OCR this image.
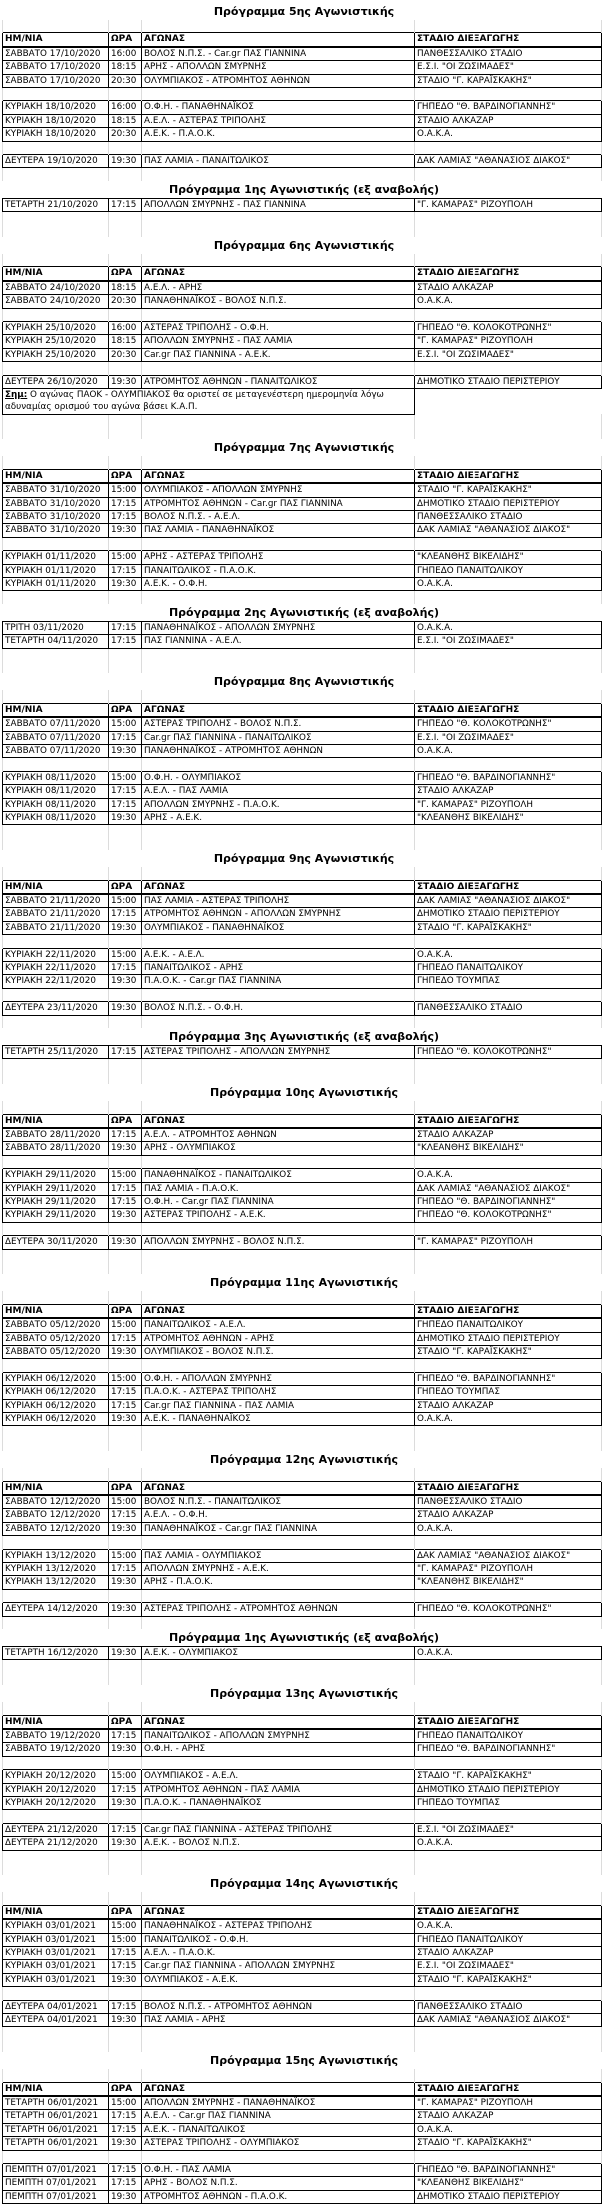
Πρόγραμμα 5ης Αγωνιστικής

ΗΜ/ΝΙΑ	ΩΡΑ	ΑΓΩΝΑΣ	ΣΤΑΔΙΟ ΔΙΕΞΑΓΩΓΗΣ
ΣΑΒΒΑΤΟ 17/10/2020	16:00	ΒΟΛΟΣ Ν.Π.Σ. - Car.gr ΠΑΣ ΓΙΑΝΝΙΝΑ	ΠΑΝΘΕΣΣΑΛΙΚΟ ΣΤΑΔΙΟ
ΣΑΒΒΑΤΟ 17/10/2020	18:15	ΑΡΗΣ - ΑΠΟΛΛΩΝ ΣΜΥΡΝΗΣ	Ε.Σ.Ι. "ΟΙ ΖΩΣΙΜΑΔΕΣ"
ΣΑΒΒΑΤΟ 17/10/2020	20:30	ΟΛΥΜΠΙΑΚΟΣ - ΑΤΡΟΜΗΤΟΣ ΑΘΗΝΩΝ	ΣΤΑΔΙΟ "Γ. ΚΑΡΑΪΣΚΑΚΗΣ"

ΚΥΡΙΑΚΗ 18/10/2020	16:00	Ο.Φ.Η. - ΠΑΝΑΘΗΝΑΪΚΟΣ	ΓΗΠΕΔΟ "Θ. ΒΑΡΔΙΝΟΓΙΑΝΝΗΣ"
ΚΥΡΙΑΚΗ 18/10/2020	18:15	Α.Ε.Λ. - ΑΣΤΕΡΑΣ ΤΡΙΠΟΛΗΣ	ΣΤΑΔΙΟ ΑΛΚΑΖΑΡ
ΚΥΡΙΑΚΗ 18/10/2020	20:30	Α.Ε.Κ. - Π.Α.Ο.Κ.	Ο.Α.Κ.Α.

ΔΕΥΤΕΡΑ 19/10/2020	19:30	ΠΑΣ ΛΑΜΙΑ - ΠΑΝΑΙΤΩΛΙΚΟΣ	ΔΑΚ ΛΑΜΙΑΣ "ΑΘΑΝΑΣΙΟΣ ΔΙΑΚΟΣ"

Πρόγραμμα 1ης Αγωνιστικής (εξ αναβολής)
ΤΕΤΑΡΤΗ 21/10/2020	17:15	ΑΠΟΛΛΩΝ ΣΜΥΡΝΗΣ - ΠΑΣ ΓΙΑΝΝΙΝΑ	"Γ. ΚΑΜΑΡΑΣ" ΡΙΖΟΥΠΟΛΗ

Πρόγραμμα 6ης Αγωνιστικής

ΗΜ/ΝΙΑ	ΩΡΑ	ΑΓΩΝΑΣ	ΣΤΑΔΙΟ ΔΙΕΞΑΓΩΓΗΣ
ΣΑΒΒΑΤΟ 24/10/2020	18:15	Α.Ε.Λ. - ΑΡΗΣ	ΣΤΑΔΙΟ ΑΛΚΑΖΑΡ
ΣΑΒΒΑΤΟ 24/10/2020	20:30	ΠΑΝΑΘΗΝΑΪΚΟΣ - ΒΟΛΟΣ Ν.Π.Σ.	Ο.Α.Κ.Α.

ΚΥΡΙΑΚΗ 25/10/2020	16:00	ΑΣΤΕΡΑΣ ΤΡΙΠΟΛΗΣ - Ο.Φ.Η.	ΓΗΠΕΔΟ "Θ. ΚΟΛΟΚΟΤΡΩΝΗΣ"
ΚΥΡΙΑΚΗ 25/10/2020	18:15	ΑΠΟΛΛΩΝ ΣΜΥΡΝΗΣ - ΠΑΣ ΛΑΜΙΑ	"Γ. ΚΑΜΑΡΑΣ" ΡΙΖΟΥΠΟΛΗ
ΚΥΡΙΑΚΗ 25/10/2020	20:30	Car.gr ΠΑΣ ΓΙΑΝΝΙΝΑ - Α.Ε.Κ.	Ε.Σ.Ι. "ΟΙ ΖΩΣΙΜΑΔΕΣ"

ΔΕΥΤΕΡΑ 26/10/2020	19:30	ΑΤΡΟΜΗΤΟΣ ΑΘΗΝΩΝ - ΠΑΝΑΙΤΩΛΙΚΟΣ	ΔΗΜΟΤΙΚΟ ΣΤΑΔΙΟ ΠΕΡΙΣΤΕΡΙΟΥ
Σημ: Ο αγώνας ΠΑΟΚ - ΟΛΥΜΠΙΑΚΟΣ θα οριστεί σε μεταγενέστερη ημερομηνία λόγω αδυναμίας ορισμού του αγώνα βάσει Κ.Α.Π.			

Πρόγραμμα 7ης Αγωνιστικής

ΗΜ/ΝΙΑ	ΩΡΑ	ΑΓΩΝΑΣ	ΣΤΑΔΙΟ ΔΙΕΞΑΓΩΓΗΣ
ΣΑΒΒΑΤΟ 31/10/2020	15:00	ΟΛΥΜΠΙΑΚΟΣ - ΑΠΟΛΛΩΝ ΣΜΥΡΝΗΣ	ΣΤΑΔΙΟ "Γ. ΚΑΡΑΪΣΚΑΚΗΣ"
ΣΑΒΒΑΤΟ 31/10/2020	17:15	ΑΤΡΟΜΗΤΟΣ ΑΘΗΝΩΝ - Car.gr ΠΑΣ ΓΙΑΝΝΙΝΑ	ΔΗΜΟΤΙΚΟ ΣΤΑΔΙΟ ΠΕΡΙΣΤΕΡΙΟΥ
ΣΑΒΒΑΤΟ 31/10/2020	17:15	ΒΟΛΟΣ Ν.Π.Σ. - Α.Ε.Λ.	ΠΑΝΘΕΣΣΑΛΙΚΟ ΣΤΑΔΙΟ
ΣΑΒΒΑΤΟ 31/10/2020	19:30	ΠΑΣ ΛΑΜΙΑ - ΠΑΝΑΘΗΝΑΪΚΟΣ	ΔΑΚ ΛΑΜΙΑΣ "ΑΘΑΝΑΣΙΟΣ ΔΙΑΚΟΣ"

ΚΥΡΙΑΚΗ 01/11/2020	15:00	ΑΡΗΣ - ΑΣΤΕΡΑΣ ΤΡΙΠΟΛΗΣ	"ΚΛΕΑΝΘΗΣ ΒΙΚΕΛΙΔΗΣ"
ΚΥΡΙΑΚΗ 01/11/2020	17:15	ΠΑΝΑΙΤΩΛΙΚΟΣ - Π.Α.Ο.Κ.	ΓΗΠΕΔΟ ΠΑΝΑΙΤΩΛΙΚΟΥ
ΚΥΡΙΑΚΗ 01/11/2020	19:30	Α.Ε.Κ. - Ο.Φ.Η.	Ο.Α.Κ.Α.

Πρόγραμμα 2ης Αγωνιστικής (εξ αναβολής)
ΤΡΙΤΗ 03/11/2020	17:15	ΠΑΝΑΘΗΝΑΪΚΟΣ - ΑΠΟΛΛΩΝ ΣΜΥΡΝΗΣ	Ο.Α.Κ.Α.
ΤΕΤΑΡΤΗ 04/11/2020	17:15	ΠΑΣ ΓΙΑΝΝΙΝΑ - Α.Ε.Λ.	Ε.Σ.Ι. "ΟΙ ΖΩΣΙΜΑΔΕΣ"

Πρόγραμμα 8ης Αγωνιστικής

ΗΜ/ΝΙΑ	ΩΡΑ	ΑΓΩΝΑΣ	ΣΤΑΔΙΟ ΔΙΕΞΑΓΩΓΗΣ
ΣΑΒΒΑΤΟ 07/11/2020	15:00	ΑΣΤΕΡΑΣ ΤΡΙΠΟΛΗΣ - ΒΟΛΟΣ Ν.Π.Σ.	ΓΗΠΕΔΟ "Θ. ΚΟΛΟΚΟΤΡΩΝΗΣ"
ΣΑΒΒΑΤΟ 07/11/2020	17:15	Car.gr ΠΑΣ ΓΙΑΝΝΙΝΑ - ΠΑΝΑΙΤΩΛΙΚΟΣ	Ε.Σ.Ι. "ΟΙ ΖΩΣΙΜΑΔΕΣ"
ΣΑΒΒΑΤΟ 07/11/2020	19:30	ΠΑΝΑΘΗΝΑΪΚΟΣ - ΑΤΡΟΜΗΤΟΣ ΑΘΗΝΩΝ	Ο.Α.Κ.Α.

ΚΥΡΙΑΚΗ 08/11/2020	15:00	Ο.Φ.Η. - ΟΛΥΜΠΙΑΚΟΣ	ΓΗΠΕΔΟ "Θ. ΒΑΡΔΙΝΟΓΙΑΝΝΗΣ"
ΚΥΡΙΑΚΗ 08/11/2020	17:15	Α.Ε.Λ. - ΠΑΣ ΛΑΜΙΑ	ΣΤΑΔΙΟ ΑΛΚΑΖΑΡ
ΚΥΡΙΑΚΗ 08/11/2020	17:15	ΑΠΟΛΛΩΝ ΣΜΥΡΝΗΣ - Π.Α.Ο.Κ.	"Γ. ΚΑΜΑΡΑΣ" ΡΙΖΟΥΠΟΛΗ
ΚΥΡΙΑΚΗ 08/11/2020	19:30	ΑΡΗΣ - Α.Ε.Κ.	"ΚΛΕΑΝΘΗΣ ΒΙΚΕΛΙΔΗΣ"

Πρόγραμμα 9ης Αγωνιστικής

ΗΜ/ΝΙΑ	ΩΡΑ	ΑΓΩΝΑΣ	ΣΤΑΔΙΟ ΔΙΕΞΑΓΩΓΗΣ
ΣΑΒΒΑΤΟ 21/11/2020	15:00	ΠΑΣ ΛΑΜΙΑ - ΑΣΤΕΡΑΣ ΤΡΙΠΟΛΗΣ	ΔΑΚ ΛΑΜΙΑΣ "ΑΘΑΝΑΣΙΟΣ ΔΙΑΚΟΣ"
ΣΑΒΒΑΤΟ 21/11/2020	17:15	ΑΤΡΟΜΗΤΟΣ ΑΘΗΝΩΝ - ΑΠΟΛΛΩΝ ΣΜΥΡΝΗΣ	ΔΗΜΟΤΙΚΟ ΣΤΑΔΙΟ ΠΕΡΙΣΤΕΡΙΟΥ
ΣΑΒΒΑΤΟ 21/11/2020	19:30	ΟΛΥΜΠΙΑΚΟΣ - ΠΑΝΑΘΗΝΑΪΚΟΣ	ΣΤΑΔΙΟ "Γ. ΚΑΡΑΪΣΚΑΚΗΣ"

ΚΥΡΙΑΚΗ 22/11/2020	15:00	Α.Ε.Κ. - Α.Ε.Λ.	Ο.Α.Κ.Α.
ΚΥΡΙΑΚΗ 22/11/2020	17:15	ΠΑΝΑΙΤΩΛΙΚΟΣ - ΑΡΗΣ	ΓΗΠΕΔΟ ΠΑΝΑΙΤΩΛΙΚΟΥ
ΚΥΡΙΑΚΗ 22/11/2020	19:30	Π.Α.Ο.Κ. - Car.gr ΠΑΣ ΓΙΑΝΝΙΝΑ	ΓΗΠΕΔΟ ΤΟΥΜΠΑΣ

ΔΕΥΤΕΡΑ 23/11/2020	19:30	ΒΟΛΟΣ Ν.Π.Σ. - Ο.Φ.Η.	ΠΑΝΘΕΣΣΑΛΙΚΟ ΣΤΑΔΙΟ

Πρόγραμμα 3ης Αγωνιστικής (εξ αναβολής)
ΤΕΤΑΡΤΗ 25/11/2020	17:15	ΑΣΤΕΡΑΣ ΤΡΙΠΟΛΗΣ - ΑΠΟΛΛΩΝ ΣΜΥΡΝΗΣ	ΓΗΠΕΔΟ "Θ. ΚΟΛΟΚΟΤΡΩΝΗΣ"

Πρόγραμμα 10ης Αγωνιστικής

ΗΜ/ΝΙΑ	ΩΡΑ	ΑΓΩΝΑΣ	ΣΤΑΔΙΟ ΔΙΕΞΑΓΩΓΗΣ
ΣΑΒΒΑΤΟ 28/11/2020	17:15	Α.Ε.Λ. - ΑΤΡΟΜΗΤΟΣ ΑΘΗΝΩΝ	ΣΤΑΔΙΟ ΑΛΚΑΖΑΡ
ΣΑΒΒΑΤΟ 28/11/2020	19:30	ΑΡΗΣ - ΟΛΥΜΠΙΑΚΟΣ	"ΚΛΕΑΝΘΗΣ ΒΙΚΕΛΙΔΗΣ"

ΚΥΡΙΑΚΗ 29/11/2020	15:00	ΠΑΝΑΘΗΝΑΪΚΟΣ - ΠΑΝΑΙΤΩΛΙΚΟΣ	Ο.Α.Κ.Α.
ΚΥΡΙΑΚΗ 29/11/2020	17:15	ΠΑΣ ΛΑΜΙΑ - Π.Α.Ο.Κ.	ΔΑΚ ΛΑΜΙΑΣ "ΑΘΑΝΑΣΙΟΣ ΔΙΑΚΟΣ"
ΚΥΡΙΑΚΗ 29/11/2020	17:15	Ο.Φ.Η. - Car.gr ΠΑΣ ΓΙΑΝΝΙΝΑ	ΓΗΠΕΔΟ "Θ. ΒΑΡΔΙΝΟΓΙΑΝΝΗΣ"
ΚΥΡΙΑΚΗ 29/11/2020	19:30	ΑΣΤΕΡΑΣ ΤΡΙΠΟΛΗΣ - Α.Ε.Κ.	ΓΗΠΕΔΟ "Θ. ΚΟΛΟΚΟΤΡΩΝΗΣ"

ΔΕΥΤΕΡΑ 30/11/2020	19:30	ΑΠΟΛΛΩΝ ΣΜΥΡΝΗΣ - ΒΟΛΟΣ Ν.Π.Σ.	"Γ. ΚΑΜΑΡΑΣ" ΡΙΖΟΥΠΟΛΗ

Πρόγραμμα 11ης Αγωνιστικής

ΗΜ/ΝΙΑ	ΩΡΑ	ΑΓΩΝΑΣ	ΣΤΑΔΙΟ ΔΙΕΞΑΓΩΓΗΣ
ΣΑΒΒΑΤΟ 05/12/2020	15:00	ΠΑΝΑΙΤΩΛΙΚΟΣ - Α.Ε.Λ.	ΓΗΠΕΔΟ ΠΑΝΑΙΤΩΛΙΚΟΥ
ΣΑΒΒΑΤΟ 05/12/2020	17:15	ΑΤΡΟΜΗΤΟΣ ΑΘΗΝΩΝ - ΑΡΗΣ	ΔΗΜΟΤΙΚΟ ΣΤΑΔΙΟ ΠΕΡΙΣΤΕΡΙΟΥ
ΣΑΒΒΑΤΟ 05/12/2020	19:30	ΟΛΥΜΠΙΑΚΟΣ - ΒΟΛΟΣ Ν.Π.Σ.	ΣΤΑΔΙΟ "Γ. ΚΑΡΑΪΣΚΑΚΗΣ"

ΚΥΡΙΑΚΗ 06/12/2020	15:00	Ο.Φ.Η. - ΑΠΟΛΛΩΝ ΣΜΥΡΝΗΣ	ΓΗΠΕΔΟ "Θ. ΒΑΡΔΙΝΟΓΙΑΝΝΗΣ"
ΚΥΡΙΑΚΗ 06/12/2020	17:15	Π.Α.Ο.Κ. - ΑΣΤΕΡΑΣ ΤΡΙΠΟΛΗΣ	ΓΗΠΕΔΟ ΤΟΥΜΠΑΣ
ΚΥΡΙΑΚΗ 06/12/2020	17:15	Car.gr ΠΑΣ ΓΙΑΝΝΙΝΑ - ΠΑΣ ΛΑΜΙΑ	ΣΤΑΔΙΟ ΑΛΚΑΖΑΡ
ΚΥΡΙΑΚΗ 06/12/2020	19:30	Α.Ε.Κ. - ΠΑΝΑΘΗΝΑΪΚΟΣ	Ο.Α.Κ.Α.

Πρόγραμμα 12ης Αγωνιστικής

ΗΜ/ΝΙΑ	ΩΡΑ	ΑΓΩΝΑΣ	ΣΤΑΔΙΟ ΔΙΕΞΑΓΩΓΗΣ
ΣΑΒΒΑΤΟ 12/12/2020	15:00	ΒΟΛΟΣ Ν.Π.Σ. - ΠΑΝΑΙΤΩΛΙΚΟΣ	ΠΑΝΘΕΣΣΑΛΙΚΟ ΣΤΑΔΙΟ
ΣΑΒΒΑΤΟ 12/12/2020	17:15	Α.Ε.Λ. - Ο.Φ.Η.	ΣΤΑΔΙΟ ΑΛΚΑΖΑΡ
ΣΑΒΒΑΤΟ 12/12/2020	19:30	ΠΑΝΑΘΗΝΑΪΚΟΣ - Car.gr ΠΑΣ ΓΙΑΝΝΙΝΑ	Ο.Α.Κ.Α.

ΚΥΡΙΑΚΗ 13/12/2020	15:00	ΠΑΣ ΛΑΜΙΑ - ΟΛΥΜΠΙΑΚΟΣ	ΔΑΚ ΛΑΜΙΑΣ "ΑΘΑΝΑΣΙΟΣ ΔΙΑΚΟΣ"
ΚΥΡΙΑΚΗ 13/12/2020	17:15	ΑΠΟΛΛΩΝ ΣΜΥΡΝΗΣ - Α.Ε.Κ.	"Γ. ΚΑΜΑΡΑΣ" ΡΙΖΟΥΠΟΛΗ
ΚΥΡΙΑΚΗ 13/12/2020	19:30	ΑΡΗΣ - Π.Α.Ο.Κ.	"ΚΛΕΑΝΘΗΣ ΒΙΚΕΛΙΔΗΣ"

ΔΕΥΤΕΡΑ 14/12/2020	19:30	ΑΣΤΕΡΑΣ ΤΡΙΠΟΛΗΣ - ΑΤΡΟΜΗΤΟΣ ΑΘΗΝΩΝ	ΓΗΠΕΔΟ "Θ. ΚΟΛΟΚΟΤΡΩΝΗΣ"

Πρόγραμμα 1ης Αγωνιστικής (εξ αναβολής)
ΤΕΤΑΡΤΗ 16/12/2020	19:30	Α.Ε.Κ. - ΟΛΥΜΠΙΑΚΟΣ	Ο.Α.Κ.Α.

Πρόγραμμα 13ης Αγωνιστικής

ΗΜ/ΝΙΑ	ΩΡΑ	ΑΓΩΝΑΣ	ΣΤΑΔΙΟ ΔΙΕΞΑΓΩΓΗΣ
ΣΑΒΒΑΤΟ 19/12/2020	17:15	ΠΑΝΑΙΤΩΛΙΚΟΣ - ΑΠΟΛΛΩΝ ΣΜΥΡΝΗΣ	ΓΗΠΕΔΟ ΠΑΝΑΙΤΩΛΙΚΟΥ
ΣΑΒΒΑΤΟ 19/12/2020	19:30	Ο.Φ.Η. - ΑΡΗΣ	ΓΗΠΕΔΟ "Θ. ΒΑΡΔΙΝΟΓΙΑΝΝΗΣ"

ΚΥΡΙΑΚΗ 20/12/2020	15:00	ΟΛΥΜΠΙΑΚΟΣ - Α.Ε.Λ.	ΣΤΑΔΙΟ "Γ. ΚΑΡΑΪΣΚΑΚΗΣ"
ΚΥΡΙΑΚΗ 20/12/2020	17:15	ΑΤΡΟΜΗΤΟΣ ΑΘΗΝΩΝ - ΠΑΣ ΛΑΜΙΑ	ΔΗΜΟΤΙΚΟ ΣΤΑΔΙΟ ΠΕΡΙΣΤΕΡΙΟΥ
ΚΥΡΙΑΚΗ 20/12/2020	19:30	Π.Α.Ο.Κ. - ΠΑΝΑΘΗΝΑΪΚΟΣ	ΓΗΠΕΔΟ ΤΟΥΜΠΑΣ

ΔΕΥΤΕΡΑ 21/12/2020	17:15	Car.gr ΠΑΣ ΓΙΑΝΝΙΝΑ - ΑΣΤΕΡΑΣ ΤΡΙΠΟΛΗΣ	Ε.Σ.Ι. "ΟΙ ΖΩΣΙΜΑΔΕΣ"
ΔΕΥΤΕΡΑ 21/12/2020	19:30	Α.Ε.Κ. - ΒΟΛΟΣ Ν.Π.Σ.	Ο.Α.Κ.Α.

Πρόγραμμα 14ης Αγωνιστικής

ΗΜ/ΝΙΑ	ΩΡΑ	ΑΓΩΝΑΣ	ΣΤΑΔΙΟ ΔΙΕΞΑΓΩΓΗΣ
ΚΥΡΙΑΚΗ 03/01/2021	15:00	ΠΑΝΑΘΗΝΑΪΚΟΣ - ΑΣΤΕΡΑΣ ΤΡΙΠΟΛΗΣ	Ο.Α.Κ.Α.
ΚΥΡΙΑΚΗ 03/01/2021	15:00	ΠΑΝΑΙΤΩΛΙΚΟΣ - Ο.Φ.Η.	ΓΗΠΕΔΟ ΠΑΝΑΙΤΩΛΙΚΟΥ
ΚΥΡΙΑΚΗ 03/01/2021	17:15	Α.Ε.Λ. - Π.Α.Ο.Κ.	ΣΤΑΔΙΟ ΑΛΚΑΖΑΡ
ΚΥΡΙΑΚΗ 03/01/2021	17:15	Car.gr ΠΑΣ ΓΙΑΝΝΙΝΑ - ΑΠΟΛΛΩΝ ΣΜΥΡΝΗΣ	Ε.Σ.Ι. "ΟΙ ΖΩΣΙΜΑΔΕΣ"
ΚΥΡΙΑΚΗ 03/01/2021	19:30	ΟΛΥΜΠΙΑΚΟΣ - Α.Ε.Κ.	ΣΤΑΔΙΟ "Γ. ΚΑΡΑΪΣΚΑΚΗΣ"

ΔΕΥΤΕΡΑ 04/01/2021	17:15	ΒΟΛΟΣ Ν.Π.Σ. - ΑΤΡΟΜΗΤΟΣ ΑΘΗΝΩΝ	ΠΑΝΘΕΣΣΑΛΙΚΟ ΣΤΑΔΙΟ
ΔΕΥΤΕΡΑ 04/01/2021	19:30	ΠΑΣ ΛΑΜΙΑ - ΑΡΗΣ	ΔΑΚ ΛΑΜΙΑΣ "ΑΘΑΝΑΣΙΟΣ ΔΙΑΚΟΣ"

Πρόγραμμα 15ης Αγωνιστικής

ΗΜ/ΝΙΑ	ΩΡΑ	ΑΓΩΝΑΣ	ΣΤΑΔΙΟ ΔΙΕΞΑΓΩΓΗΣ
ΤΕΤΑΡΤΗ 06/01/2021	15:00	ΑΠΟΛΛΩΝ ΣΜΥΡΝΗΣ - ΠΑΝΑΘΗΝΑΪΚΟΣ	"Γ. ΚΑΜΑΡΑΣ" ΡΙΖΟΥΠΟΛΗ
ΤΕΤΑΡΤΗ 06/01/2021	17:15	Α.Ε.Λ. - Car.gr ΠΑΣ ΓΙΑΝΝΙΝΑ	ΣΤΑΔΙΟ ΑΛΚΑΖΑΡ
ΤΕΤΑΡΤΗ 06/01/2021	17:15	Α.Ε.Κ. - ΠΑΝΑΙΤΩΛΙΚΟΣ	Ο.Α.Κ.Α.
ΤΕΤΑΡΤΗ 06/01/2021	19:30	ΑΣΤΕΡΑΣ ΤΡΙΠΟΛΗΣ - ΟΛΥΜΠΙΑΚΟΣ	ΣΤΑΔΙΟ "Γ. ΚΑΡΑΪΣΚΑΚΗΣ"

ΠΕΜΠΤΗ 07/01/2021	17:15	Ο.Φ.Η. - ΠΑΣ ΛΑΜΙΑ	ΓΗΠΕΔΟ "Θ. ΒΑΡΔΙΝΟΓΙΑΝΝΗΣ"
ΠΕΜΠΤΗ 07/01/2021	17:15	ΑΡΗΣ - ΒΟΛΟΣ Ν.Π.Σ.	"ΚΛΕΑΝΘΗΣ ΒΙΚΕΛΙΔΗΣ"
ΠΕΜΠΤΗ 07/01/2021	19:30	ΑΤΡΟΜΗΤΟΣ ΑΘΗΝΩΝ - Π.Α.Ο.Κ.	ΔΗΜΟΤΙΚΟ ΣΤΑΔΙΟ ΠΕΡΙΣΤΕΡΙΟΥ
